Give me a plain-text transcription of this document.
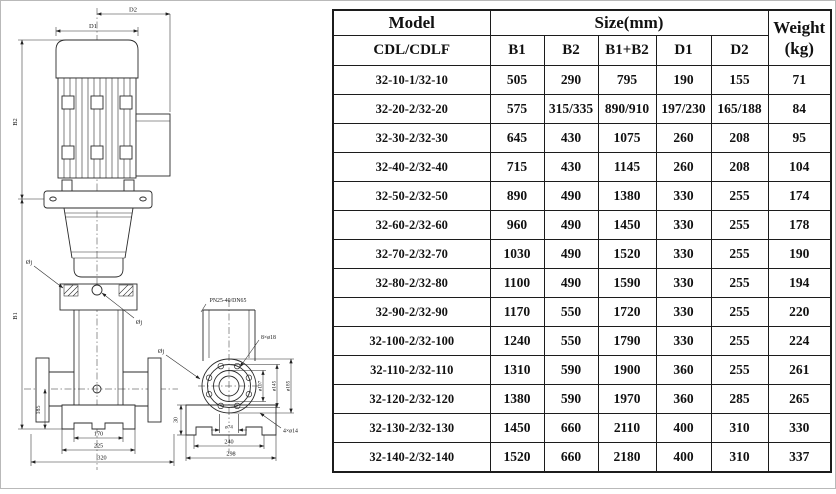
D1
D2
B2
B1
185
170
225
320
Øj
Øj
PN25-40/DN65
8×ø18
ø107 ø145 ø185
ø74
240
298
4×ø14
30
Øj
Model	Size(mm)					Weight
(kg)

CDL/CDLF	B1	B2	B1+B2	D1	D2	
32-10-1/32-10	505	290	795	190	155	71
32-20-2/32-20	575	315/335	890/910	197/230	165/188	84
32-30-2/32-30	645	430	1075	260	208	95
32-40-2/32-40	715	430	1145	260	208	104
32-50-2/32-50	890	490	1380	330	255	174
32-60-2/32-60	960	490	1450	330	255	178
32-70-2/32-70	1030	490	1520	330	255	190
32-80-2/32-80	1100	490	1590	330	255	194
32-90-2/32-90	1170	550	1720	330	255	220
32-100-2/32-100	1240	550	1790	330	255	224
32-110-2/32-110	1310	590	1900	360	255	261
32-120-2/32-120	1380	590	1970	360	285	265
32-130-2/32-130	1450	660	2110	400	310	330
32-140-2/32-140	1520	660	2180	400	310	337
